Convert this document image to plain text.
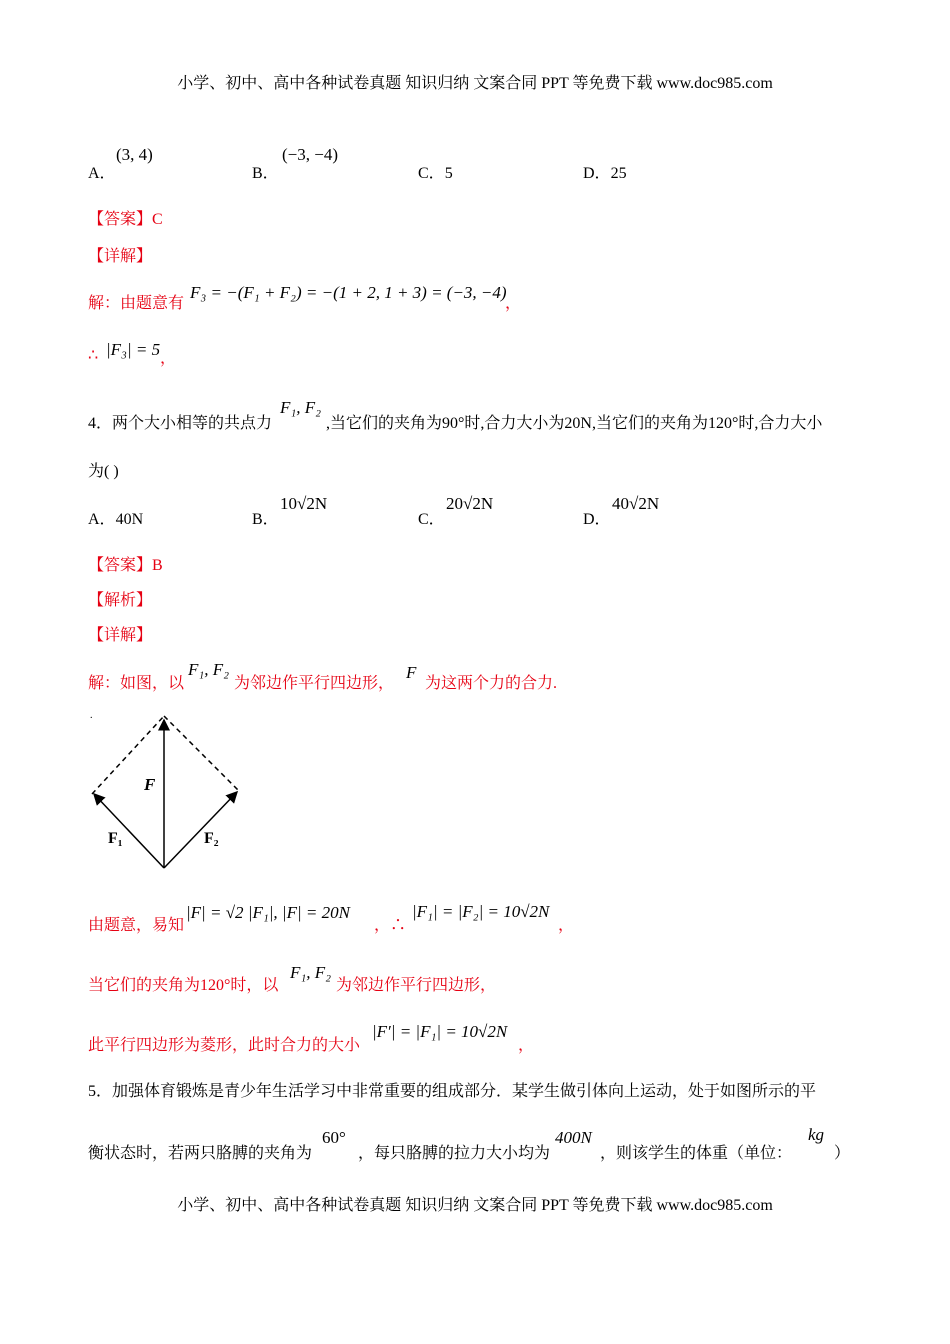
小学、初中、高中各种试卷真题 知识归纳 文案合同 PPT 等免费下载 www.doc985.com
A．
(3, 4)
B．
(−3, −4)
C．5	D．25
【答案】C
【详解】
解：由题意有
F₃ = −(F₁ + F₂) = −(1 + 2, 1 + 3) = (−3, −4)
，
∴ |F₃| = 5 ，
4．两个大小相等的共点力
F₁, F₂
,当它们的夹角为90°时,合力大小为20N,当它们的夹角为120°时,合力大小
为( )
A．40N	B．
10√2N
C．
20√2N
D．
40√2N
【答案】B
【解析】
【详解】
解：如图，以
F₁, F₂
为邻边作平行四边形，
F
为这两个力的合力.
.
F
F₁	F₂
由题意，易知
|F| = √2 |F₁|, |F| = 20N
，∴
|F₁| = |F₂| = 10√2N
，
当它们的夹角为120°时，以
F₁, F₂
为邻边作平行四边形，
此平行四边形为菱形，此时合力的大小
|F′| = |F₁| = 10√2N
，
5．加强体育锻炼是青少年生活学习中非常重要的组成部分．某学生做引体向上运动，处于如图所示的平
衡状态时，若两只胳膊的夹角为
60°
，每只胳膊的拉力大小均为
400N
，则该学生的体重（单位：
kg
）
小学、初中、高中各种试卷真题 知识归纳 文案合同 PPT 等免费下载 www.doc985.com
